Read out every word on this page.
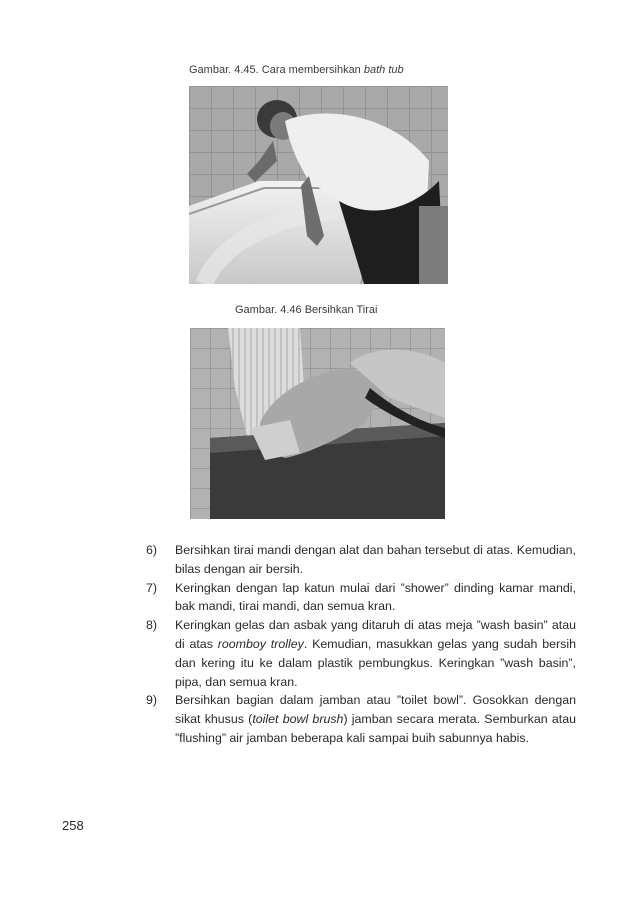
Gambar. 4.45. Cara membersihkan bath tub
Gambar. 4.46 Bersihkan Tirai
6) Bersihkan tirai mandi dengan alat dan bahan tersebut di atas. Kemudian, bilas dengan air bersih.
7) Keringkan dengan lap katun mulai dari ”shower” dinding kamar mandi, bak mandi, tirai mandi, dan semua kran.
8) Keringkan gelas dan asbak yang ditaruh di atas meja ”wash basin” atau di atas roomboy trolley. Kemudian, masukkan gelas yang sudah bersih dan kering itu ke dalam plastik pembungkus. Keringkan ”wash basin”, pipa, dan semua kran.
9) Bersihkan bagian dalam jamban atau ”toilet bowl”. Gosokkan dengan sikat khusus (toilet bowl brush) jamban secara merata. Semburkan atau ”flushing” air jamban beberapa kali sampai buih sabunnya habis.
258
